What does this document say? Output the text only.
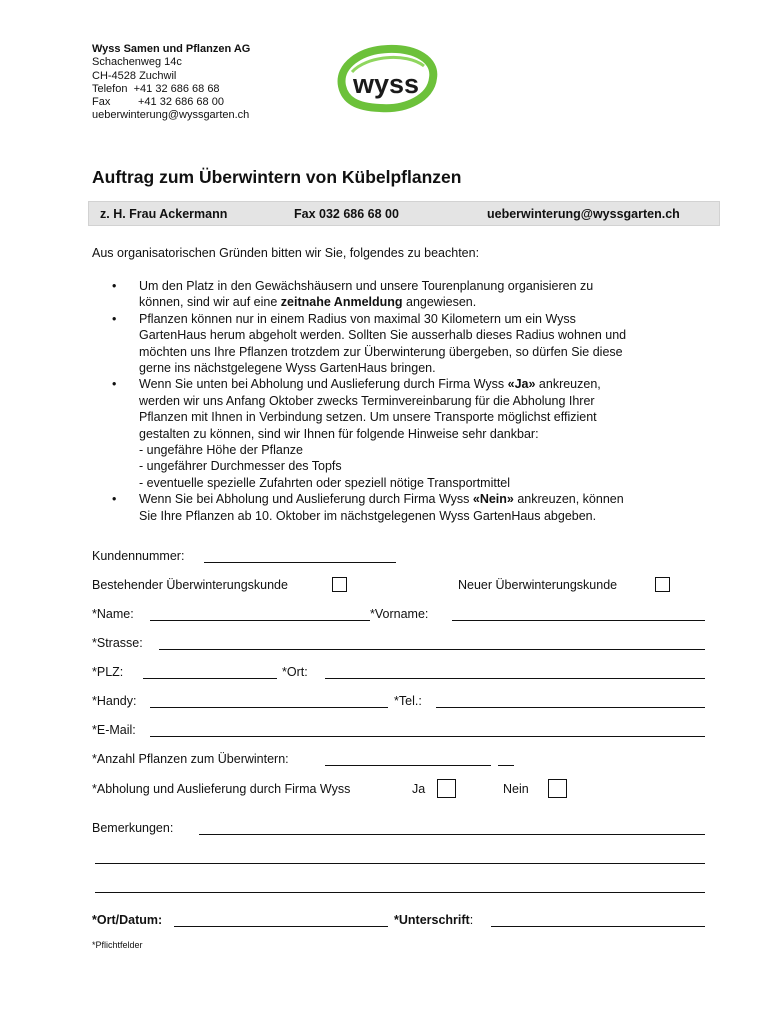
Wyss Samen und Pflanzen AG
Schachenweg 14c
CH-4528 Zuchwil
Telefon +41 32 686 68 68
Fax	+41 32 686 68 00
ueberwinterung@wyssgarten.ch
wyss
Auftrag zum Überwintern von Kübelpflanzen
z. H. Frau Ackermann	Fax 032 686 68 00	ueberwinterung@wyssgarten.ch
Aus organisatorischen Gründen bitten wir Sie, folgendes zu beachten:
• Um den Platz in den Gewächshäusern und unsere Tourenplanung organisieren zu
können, sind wir auf eine zeitnahe Anmeldung angewiesen.
• Pflanzen können nur in einem Radius von maximal 30 Kilometern um ein Wyss
GartenHaus herum abgeholt werden. Sollten Sie ausserhalb dieses Radius wohnen und
möchten uns Ihre Pflanzen trotzdem zur Überwinterung übergeben, so dürfen Sie diese
gerne ins nächstgelegene Wyss GartenHaus bringen.
• Wenn Sie unten bei Abholung und Auslieferung durch Firma Wyss «Ja» ankreuzen,
werden wir uns Anfang Oktober zwecks Terminvereinbarung für die Abholung Ihrer
Pflanzen mit Ihnen in Verbindung setzen. Um unsere Transporte möglichst effizient
gestalten zu können, sind wir Ihnen für folgende Hinweise sehr dankbar:
- ungefähre Höhe der Pflanze
- ungefährer Durchmesser des Topfs
- eventuelle spezielle Zufahrten oder speziell nötige Transportmittel
• Wenn Sie bei Abholung und Auslieferung durch Firma Wyss «Nein» ankreuzen, können
Sie Ihre Pflanzen ab 10. Oktober im nächstgelegenen Wyss GartenHaus abgeben.
Kundennummer:
Bestehender Überwinterungskunde	Neuer Überwinterungskunde
*Name:	*Vorname:
*Strasse:
*PLZ:	*Ort:
*Handy:	*Tel.:
*E-Mail:
*Anzahl Pflanzen zum Überwintern:
*Abholung und Auslieferung durch Firma Wyss	Ja	Nein
Bemerkungen:
*Ort/Datum:	*Unterschrift:
*Pflichtfelder
